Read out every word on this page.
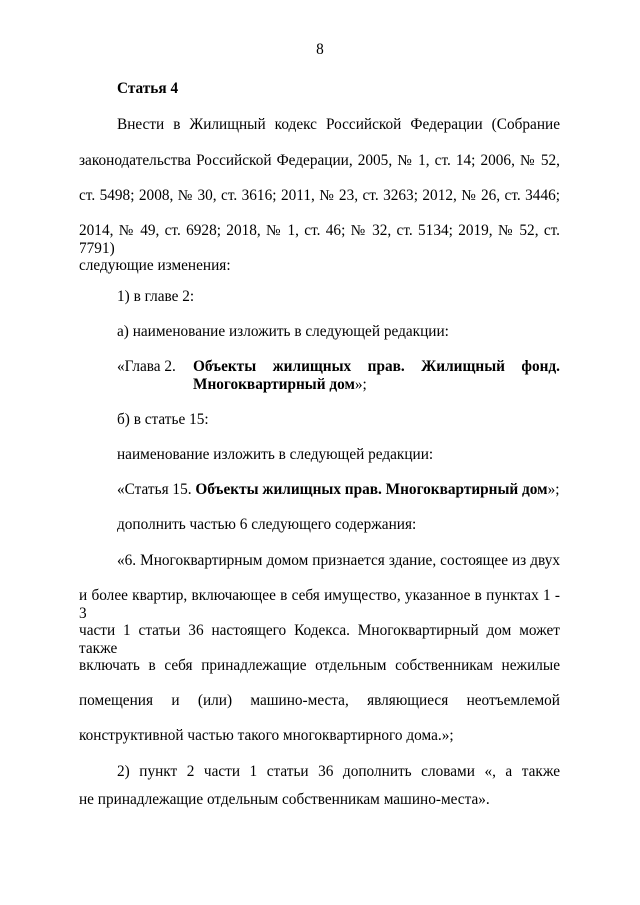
8
Статья 4
Внести в Жилищный кодекс Российской Федерации (Собрание
законодательства Российской Федерации, 2005, № 1, ст. 14; 2006, № 52,
ст. 5498; 2008, № 30, ст. 3616; 2011, № 23, ст. 3263; 2012, № 26, ст. 3446;
2014, № 49, ст. 6928; 2018, № 1, ст. 46; № 32, ст. 5134; 2019, № 52, ст. 7791)
следующие изменения:
1) в главе 2:
а) наименование изложить в следующей редакции:
«Глава 2. Объекты жилищных прав. Жилищный фонд.
Многоквартирный дом»;
б) в статье 15:
наименование изложить в следующей редакции:
«Статья 15. Объекты жилищных прав. Многоквартирный дом»;
дополнить частью 6 следующего содержания:
«6. Многоквартирным домом признается здание, состоящее из двух
и более квартир, включающее в себя имущество, указанное в пунктах 1 - 3
части 1 статьи 36 настоящего Кодекса. Многоквартирный дом может также
включать в себя принадлежащие отдельным собственникам нежилые
помещения и (или) машино-места, являющиеся неотъемлемой
конструктивной частью такого многоквартирного дома.»;
2) пункт 2 части 1 статьи 36 дополнить словами «, а также
не принадлежащие отдельным собственникам машино-места».
